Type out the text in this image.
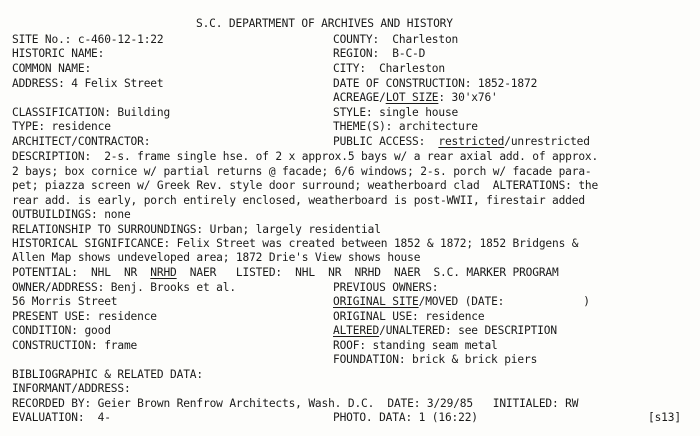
S.C. DEPARTMENT OF ARCHIVES AND HISTORY
SITE No.: c-460-12-1:22
HISTORIC NAME:
COMMON NAME:
ADDRESS: 4 Felix Street
CLASSIFICATION: Building
TYPE: residence
ARCHITECT/CONTRACTOR:
COUNTY:  Charleston
REGION:  B-C-D
CITY:  Charleston
DATE OF CONSTRUCTION: 1852-1872
ACREAGE/LOT SIZE: 30'x76'
STYLE: single house
THEME(S): architecture
PUBLIC ACCESS:  restricted/unrestricted
DESCRIPTION:  2-s. frame single hse. of 2 x approx.5 bays w/ a rear axial add. of approx.
2 bays; box cornice w/ partial returns @ facade; 6/6 windows; 2-s. porch w/ facade para-
pet; piazza screen w/ Greek Rev. style door surround; weatherboard clad  ALTERATIONS: the
rear add. is early, porch entirely enclosed, weatherboard is post-WWII, firestair added
OUTBUILDINGS: none
RELATIONSHIP TO SURROUNDINGS: Urban; largely residential
HISTORICAL SIGNIFICANCE: Felix Street was created between 1852 & 1872; 1852 Bridgens &
Allen Map shows undeveloped area; 1872 Drie's View shows house
POTENTIAL:  NHL  NR  NRHD  NAER   LISTED:  NHL  NR  NRHD  NAER  S.C. MARKER PROGRAM
OWNER/ADDRESS: Benj. Brooks et al.
56 Morris Street
PRESENT USE: residence
CONDITION: good
CONSTRUCTION: frame
PREVIOUS OWNERS:
ORIGINAL SITE/MOVED (DATE:            )
ORIGINAL USE: residence
ALTERED/UNALTERED: see DESCRIPTION
ROOF: standing seam metal
FOUNDATION: brick & brick piers
BIBLIOGRAPHIC & RELATED DATA:
INFORMANT/ADDRESS:
RECORDED BY: Geier Brown Renfrow Architects, Wash. D.C.  DATE: 3/29/85   INITIALED: RW
EVALUATION:  4-	PHOTO. DATA: 1 (16:22)	[s13]
